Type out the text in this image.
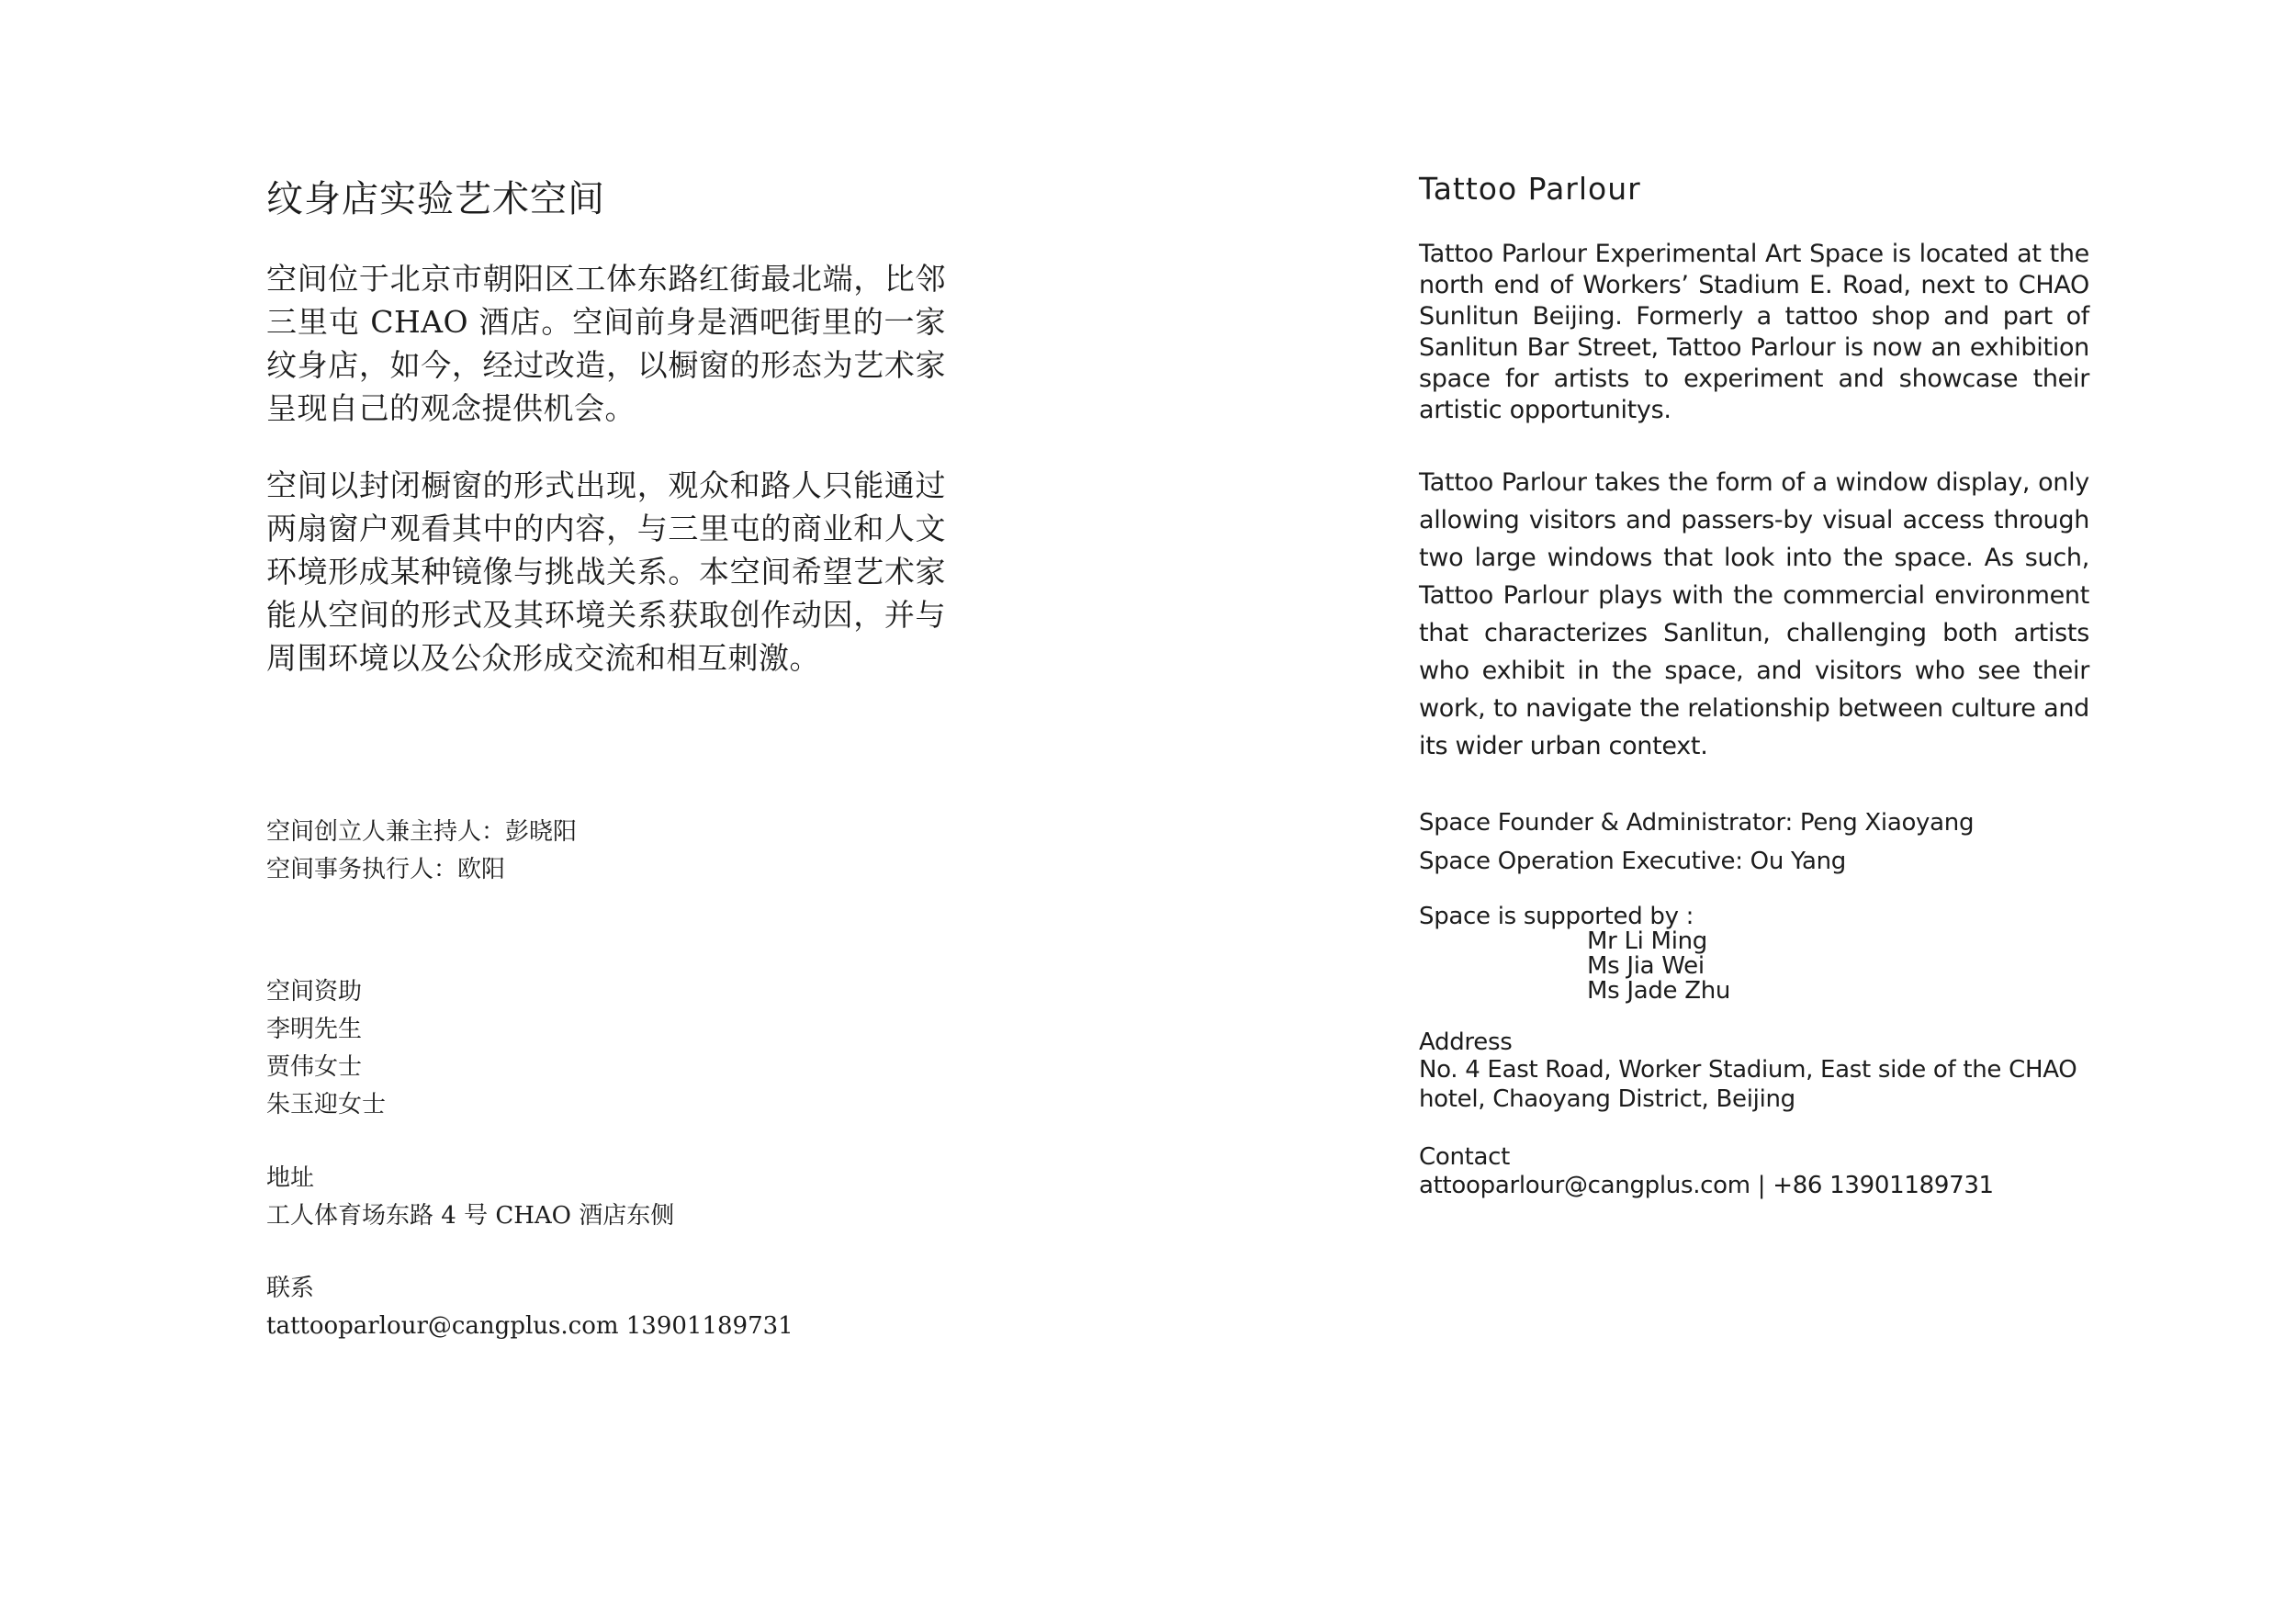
纹身店实验艺术空间

空间位于北京市朝阳区工体东路红街最北端，比邻三里屯 CHAO 酒店。空间前身是酒吧街里的一家纹身店，如今，经过改造，以橱窗的形态为艺术家呈现自己的观念提供机会。

空间以封闭橱窗的形式出现，观众和路人只能通过两扇窗户观看其中的内容，与三里屯的商业和人文环境形成某种镜像与挑战关系。本空间希望艺术家能从空间的形式及其环境关系获取创作动因，并与周围环境以及公众形成交流和相互刺激。

空间创立人兼主持人：彭晓阳
空间事务执行人：欧阳
空间资助
李明先生
贾伟女士
朱玉迎女士
地址
工人体育场东路 4 号 CHAO 酒店东侧
联系
tattooparlour@cangplus.com 13901189731
Tattoo Parlour

Tattoo Parlour Experimental Art Space is located at the north end of Workers’ Stadium E. Road, next to CHAO Sunlitun Beijing. Formerly a tattoo shop and part of Sanlitun Bar Street, Tattoo Parlour is now an exhibition space for artists to experiment and showcase their artistic opportunitys.

Tattoo Parlour takes the form of a window display, only allowing visitors and passers-by visual access through two large windows that look into the space. As such, Tattoo Parlour plays with the commercial environment that characterizes Sanlitun, challenging both artists who exhibit in the space, and visitors who see their work, to navigate the relationship between culture and its wider urban context.

Space Founder & Administrator: Peng Xiaoyang
Space Operation Executive: Ou Yang
Space is supported by :
Mr Li Ming
Ms Jia Wei
Ms Jade Zhu
Address
No. 4 East Road, Worker Stadium, East side of the CHAO
hotel, Chaoyang District, Beijing
Contact
attooparlour@cangplus.com | +86 13901189731
